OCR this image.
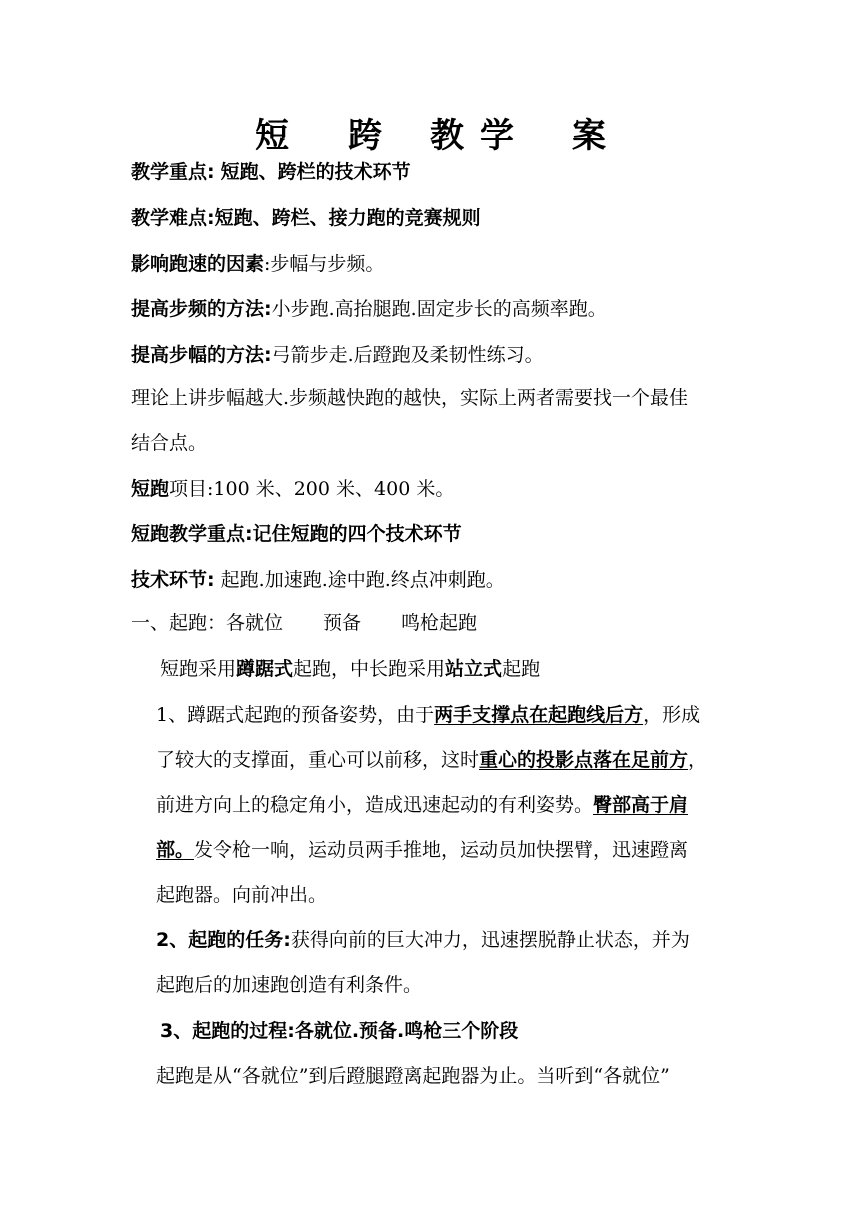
短 跨 教 学 案
教学重点: 短跑、跨栏的技术环节
教学难点:短跑、跨栏、接力跑的竞赛规则
影响跑速的因素:步幅与步频。
提高步频的方法:小步跑.高抬腿跑.固定步长的高频率跑。
提高步幅的方法:弓箭步走.后蹬跑及柔韧性练习。
理论上讲步幅越大.步频越快跑的越快，实际上两者需要找一个最佳
结合点。
短跑项目:100 米、200 米、400 米。
短跑教学重点:记住短跑的四个技术环节
技术环节: 起跑.加速跑.途中跑.终点冲刺跑。
一、起跑：各就位 预备 鸣枪起跑
短跑采用蹲踞式起跑，中长跑采用站立式起跑
1、蹲踞式起跑的预备姿势，由于两手支撑点在起跑线后方，形成
了较大的支撑面，重心可以前移，这时重心的投影点落在足前方，
前进方向上的稳定角小，造成迅速起动的有利姿势。臀部高于肩
部。发令枪一响，运动员两手推地，运动员加快摆臂，迅速蹬离
起跑器。向前冲出。
2、起跑的任务:获得向前的巨大冲力，迅速摆脱静止状态，并为
起跑后的加速跑创造有利条件。
3、起跑的过程:各就位.预备.鸣枪三个阶段
起跑是从“各就位”到后蹬腿蹬离起跑器为止。当听到“各就位”
